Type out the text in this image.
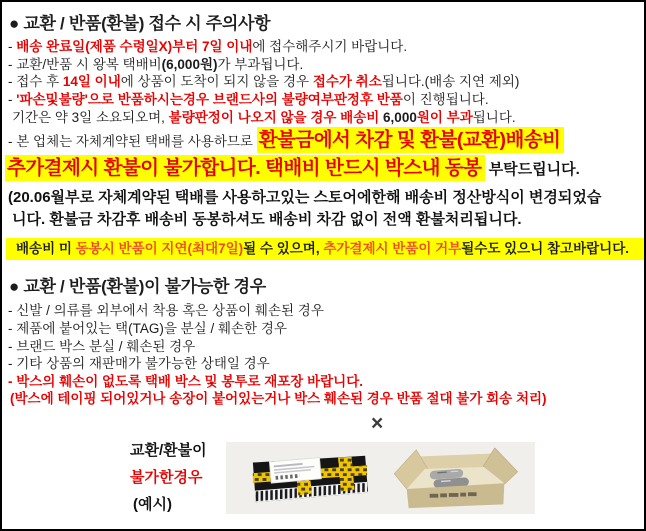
● 교환 / 반품(환불) 접수 시 주의사항
- 배송 완료일(제품 수령일X)부터 7일 이내에 접수해주시기 바랍니다.
- 교환/반품 시 왕복 택배비(6,000원)가 부과됩니다.
- 접수 후 14일 이내에 상품이 도착이 되지 않을 경우 접수가 취소됩니다.(배송 지연 제외)
- '파손및불량'으로 반품하시는경우 브랜드사의 불량여부판정후 반품이 진행됩니다.
기간은 약 3일 소요되오며, 불량판정이 나오지 않을 경우 배송비 6,000원이 부과됩니다.
- 본 업체는 자체계약된 택배를 사용하므로 환불금에서 차감 및 환불(교환)배송비
추가결제시 환불이 불가합니다. 택배비 반드시 박스내 동봉 부탁드립니다.
(20.06월부로 자체계약된 택배를 사용하고있는 스토어에한해 배송비 정산방식이 변경되었습
니다. 환불금 차감후 배송비 동봉하셔도 배송비 차감 없이 전액 환불처리됩니다.
배송비 미 동봉시 반품이 지연(최대7일)될 수 있으며, 추가결제시 반품이 거부될수도 있으니 참고바랍니다.
● 교환 / 반품(환불)이 불가능한 경우
- 신발 / 의류를 외부에서 착용 혹은 상품이 훼손된 경우
- 제품에 붙어있는 택(TAG)을 분실 / 훼손한 경우
- 브랜드 박스 분실 / 훼손된 경우
- 기타 상품의 재판매가 불가능한 상태일 경우
- 박스의 훼손이 없도록 택배 박스 및 봉투로 재포장 바랍니다.
(박스에 테이핑 되어있거나 송장이 붙어있는거나 박스 훼손된 경우 반품 절대 불가 회송 처리)
×
교환/환불이
불가한경우
(예시)
